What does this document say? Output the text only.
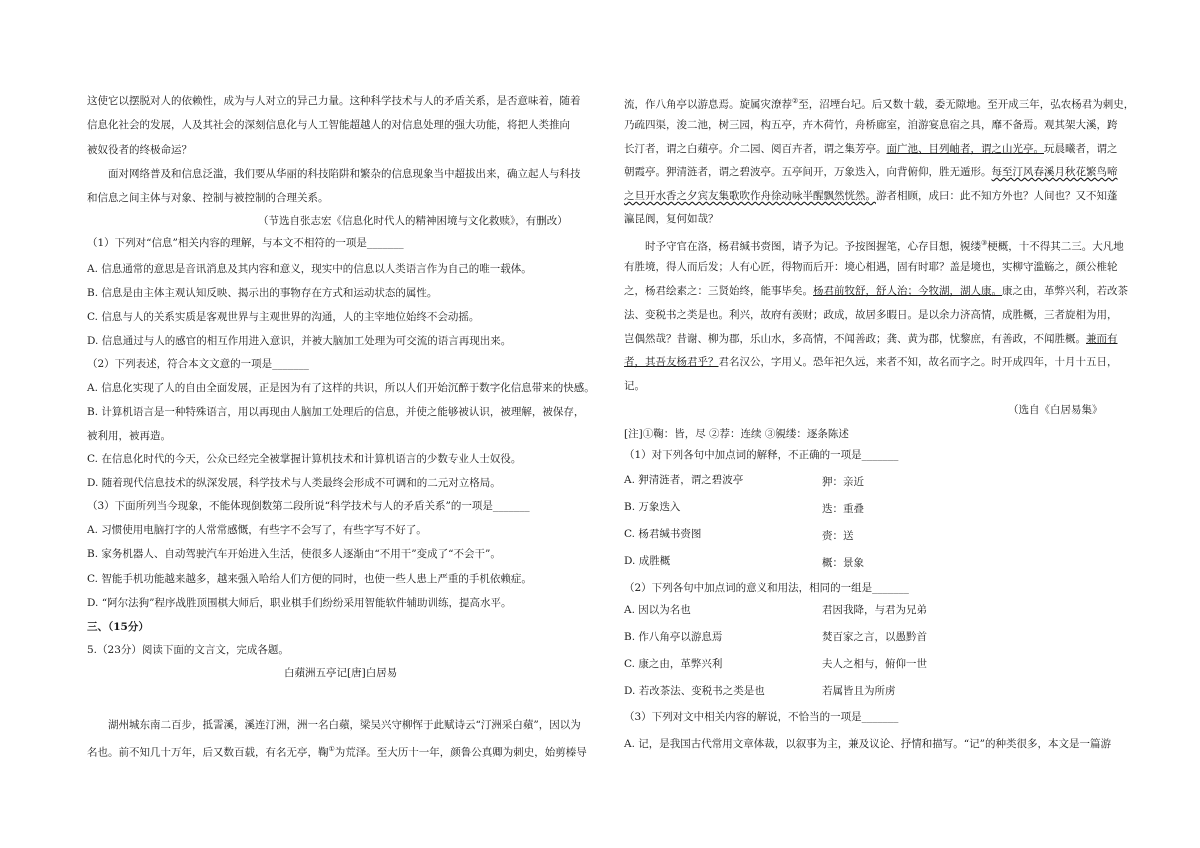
这使它以摆脱对人的依赖性，成为与人对立的异己力量。这种科学技术与人的矛盾关系，是否意味着，随着
信息化社会的发展，人及其社会的深刻信息化与人工智能超越人的对信息处理的强大功能，将把人类推向
被奴役者的终极命运？
面对网络普及和信息泛滥，我们要从华丽的科技陷阱和繁杂的信息现象当中超拔出来，确立起人与科技
和信息之间主体与对象、控制与被控制的合理关系。
（节选自张志宏《信息化时代人的精神困境与文化救赎》，有删改）
（1）下列对“信息”相关内容的理解，与本文不相符的一项是_______
A. 信息通常的意思是音讯消息及其内容和意义，现实中的信息以人类语言作为自己的唯一载体。
B. 信息是由主体主观认知反映、揭示出的事物存在方式和运动状态的属性。
C. 信息与人的关系实质是客观世界与主观世界的沟通，人的主宰地位始终不会动摇。
D. 信息通过与人的感官的相互作用进入意识，并被大脑加工处理为可交流的语言再现出来。
（2）下列表述，符合本文文意的一项是_______
A. 信息化实现了人的自由全面发展，正是因为有了这样的共识，所以人们开始沉醉于数字化信息带来的快感。
B. 计算机语言是一种特殊语言，用以再现由人脑加工处理后的信息，并使之能够被认识，被理解，被保存，
被利用，被再造。
C. 在信息化时代的今天，公众已经完全被掌握计算机技术和计算机语言的少数专业人士奴役。
D. 随着现代信息技术的纵深发展，科学技术与人类最终会形成不可调和的二元对立格局。
（3）下面所列当今现象，不能体现倒数第二段所说“科学技术与人的矛盾关系”的一项是_______
A. 习惯使用电脑打字的人常常感慨，有些字不会写了，有些字写不好了。
B. 家务机器人、自动驾驶汽车开始进入生活，使很多人逐渐由“不用干”变成了“不会干”。
C. 智能手机功能越来越多，越来强入哈给人们方便的同时，也使一些人患上严重的手机依赖症。
D. “阿尔法狗”程序战胜顶围棋大师后，职业棋手们纷纷采用智能软件辅助训练，提高水平。
三、（15分）
5.（23分）阅读下面的文言文，完成各题。
白蘋洲五亭记[唐]白居易
湖州城东南二百步，抵霅溪，溪连汀洲，洲一名白蘋，梁吴兴守柳恽于此赋诗云“汀洲采白蘋”，因以为
名也。前不知几十万年，后又数百载，有名无亭，鞠①为荒泽。至大历十一年，颜鲁公真卿为刺史，始剪榛导
流，作八角亭以游息焉。旋属灾潦荐②至，沼堙台圮。后又数十载，委无隙地。至开成三年，弘农杨君为刺史，
乃疏四渠，浚二池，树三园，构五亭，卉木荷竹，舟桥廊室，洎游宴息宿之具，靡不备焉。观其架大溪，跨
长汀者，谓之白蘋亭。介二园、阅百卉者，谓之集芳亭。面广池、目列岫者，谓之山光亭。玩晨曦者，谓之
朝霞亭。狎清涟者，谓之碧波亭。五亭间开，万象迭入，向背俯仰，胜无遁形。每至汀风春溪月秋花繁鸟啼
之旦开水香之夕宾友集歌吹作舟徐动咏半醒飘然恍然。游者相顾，成曰：此不知方外也？人间也？又不知蓬
瀛昆阆，复何如哉？
时予守官在洛，杨君缄书赍图，请予为记。予按图握笔，心存目想，覙缕③梗概，十不得其二三。大凡地
有胜境，得人而后发；人有心匠，得物而后开：境心相遇，固有时耶？盖是境也，实柳守滥觞之，颜公椎轮
之，杨君绘素之：三贤始终，能事毕矣。杨君前牧舒，舒人治；今牧湖，湖人康。康之由，革弊兴利，若改茶
法、变税书之类是也。利兴，故府有羡财；政成，故居多暇日。是以余力济高情，成胜概，三者旋相为用，
岂偶然哉？昔谢、柳为郡，乐山水，多高情，不闻善政；龚、黄为郡，忧黎庶，有善政，不闻胜概。兼而有
者，其吾友杨君乎？君名汉公，字用乂。恐年祀久远，来者不知，故名而字之。时开成四年，十月十五日，
记。
（选自《白居易集》
[注]①鞠：皆，尽 ②荐：连续 ③覙缕：逐条陈述
（1）对下列各句中加点词的解释，不正确的一项是_______
A. 狎清涟者，谓之碧波亭	狎：亲近
B. 万象迭入	迭：重叠
C. 杨君缄书赍图	赍：送
D. 成胜概	概：景象
（2）下列各句中加点词的意义和用法，相同的一组是_______
A. 因以为名也	君因我降，与君为兄弟
B. 作八角亭以游息焉	焚百家之言，以愚黔首
C. 康之由，革弊兴利	夫人之相与，俯仰一世
D. 若改茶法、变税书之类是也	若属皆且为所虏
（3）下列对文中相关内容的解说，不恰当的一项是_______
A. 记，是我国古代常用文章体裁，以叙事为主，兼及议论、抒情和描写。“记”的种类很多，本文是一篇游
